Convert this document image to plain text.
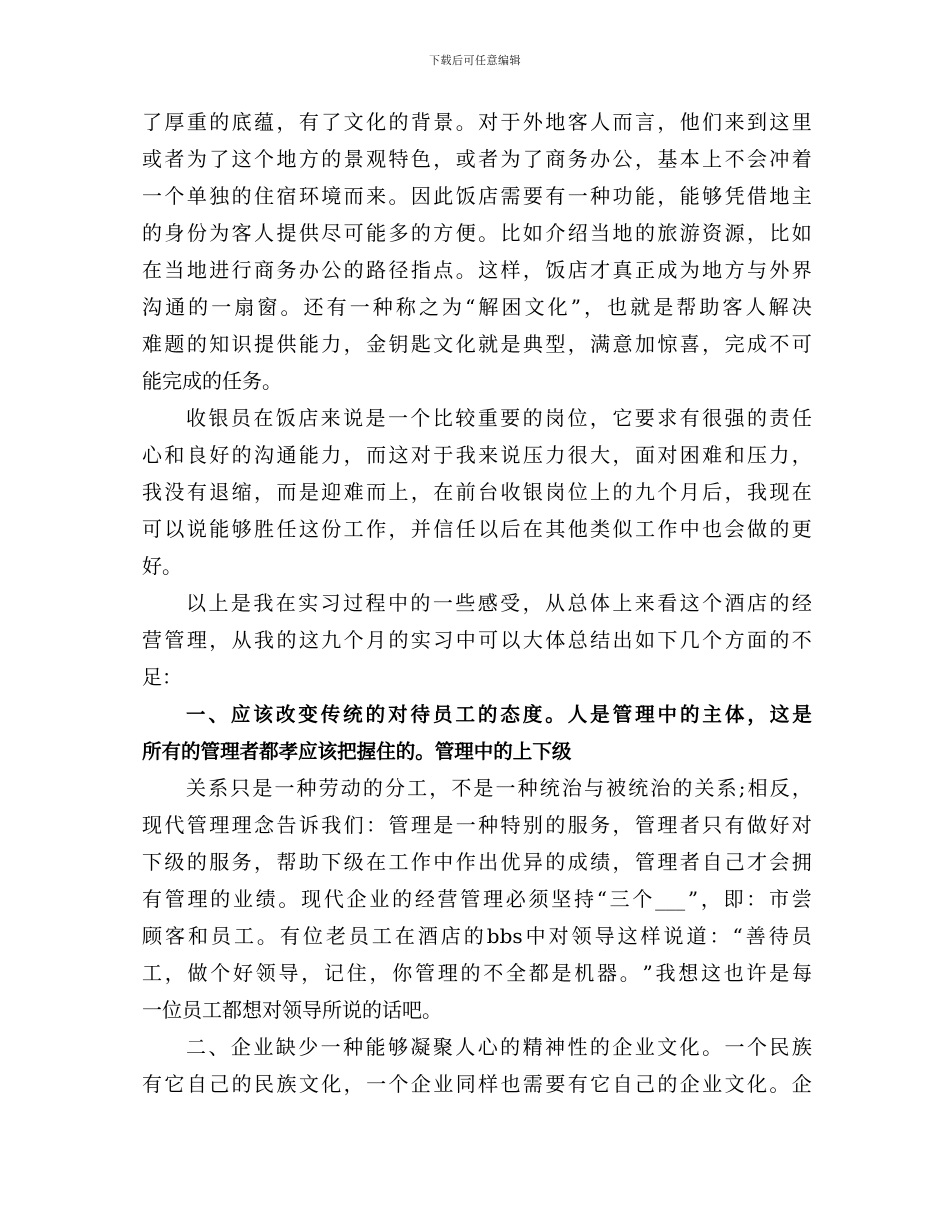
下载后可任意编辑
了 厚 重 的 底 蕴 ， 有 了 文 化 的 背 景 。 对 于 外 地 客 人 而 言 ， 他 们 来 到 这 里
或 者 为 了 这 个 地 方 的 景 观 特 色 ， 或 者 为 了 商 务 办 公 ， 基 本 上 不 会 冲 着
一 个 单 独 的 住 宿 环 境 而 来 。 因 此 饭 店 需 要 有 一 种 功 能 ， 能 够 凭 借 地 主
的 身 份 为 客 人 提 供 尽 可 能 多 的 方 便 。 比 如 介 绍 当 地 的 旅 游 资 源 ， 比 如
在 当 地 进 行 商 务 办 公 的 路 径 指 点 。 这 样 ， 饭 店 才 真 正 成 为 地 方 与 外 界
沟 通 的 一 扇 窗 。 还 有 一 种 称 之 为 “ 解 困 文 化 ” ， 也 就 是 帮 助 客 人 解 决
难 题 的 知 识 提 供 能 力 ， 金 钥 匙 文 化 就 是 典 型 ， 满 意 加 惊 喜 ， 完 成 不 可
能 完 成 的 任 务 。
收 银 员 在 饭 店 来 说 是 一 个 比 较 重 要 的 岗 位 ， 它 要 求 有 很 强 的 责 任
心 和 良 好 的 沟 通 能 力 ， 而 这 对 于 我 来 说 压 力 很 大 ， 面 对 困 难 和 压 力 ，
我 没 有 退 缩 ， 而 是 迎 难 而 上 ， 在 前 台 收 银 岗 位 上 的 九 个 月 后 ， 我 现 在
可 以 说 能 够 胜 任 这 份 工 作 ， 并 信 任 以 后 在 其 他 类 似 工 作 中 也 会 做 的 更
好 。
以 上 是 我 在 实 习 过 程 中 的 一 些 感 受 ， 从 总 体 上 来 看 这 个 酒 店 的 经
营 管 理 ， 从 我 的 这 九 个 月 的 实 习 中 可 以 大 体 总 结 出 如 下 几 个 方 面 的 不
足 ：
一 、 应 该 改 变 传 统 的 对 待 员 工 的 态 度 。 人 是 管 理 中 的 主 体 ， 这 是
所 有 的 管 理 者 都 孝 应 该 把 握 住 的 。 管 理 中 的 上 下 级
关 系 只 是 一 种 劳 动 的 分 工 ， 不 是 一 种 统 治 与 被 统 治 的 关 系 ; 相 反 ，
现 代 管 理 理 念 告 诉 我 们 ： 管 理 是 一 种 特 别 的 服 务 ， 管 理 者 只 有 做 好 对
下 级 的 服 务 ， 帮 助 下 级 在 工 作 中 作 出 优 异 的 成 绩 ， 管 理 者 自 己 才 会 拥
有 管 理 的 业 绩 。 现 代 企 业 的 经 营 管 理 必 须 坚 持 “ 三 个 ___ ” ， 即 ： 市 尝
顾 客 和 员 工 。 有 位 老 员 工 在 酒 店 的 bbs 中 对 领 导 这 样 说 道 ： “ 善 待 员
工 ， 做 个 好 领 导 ， 记 住 ， 你 管 理 的 不 全 都 是 机 器 。 ” 我 想 这 也 许 是 每
一 位 员 工 都 想 对 领 导 所 说 的 话 吧 。
二 、 企 业 缺 少 一 种 能 够 凝 聚 人 心 的 精 神 性 的 企 业 文 化 。 一 个 民 族
有 它 自 己 的 民 族 文 化 ， 一 个 企 业 同 样 也 需 要 有 它 自 己 的 企 业 文 化 。 企
